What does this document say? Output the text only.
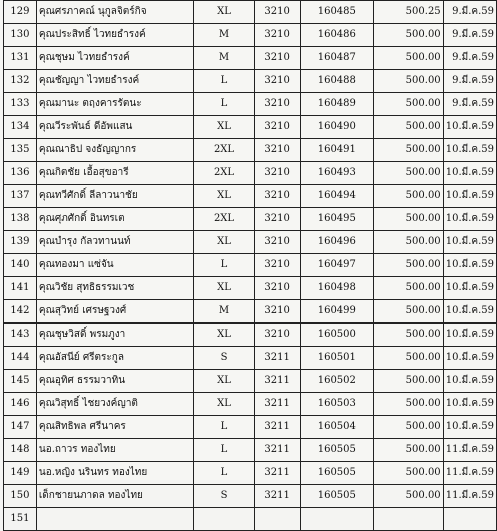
129	คุณศรภาคณ์ นุกูลจิตร์กิจ	XL	3210	160485	500.25	9.มี.ค.59
130	คุณประสิทธิ์ ไวทยธำรงค์	M	3210	160486	500.00	9.มี.ค.59
131	คุณชุษม ไวทยธำรงค์	M	3210	160487	500.00	9.มี.ค.59
132	คุณชัญญา ไวทยธำรงค์	L	3210	160488	500.00	9.มี.ค.59
133	คุณมานะ ตฤงคารรัตนะ	L	3210	160489	500.00	9.มี.ค.59
134	คุณวีระพันธ์ ดีอัพแสน	XL	3210	160490	500.00	10.มี.ค.59
135	คุณณาธิป จงธัญญากร	2XL	3210	160491	500.00	10.มี.ค.59
136	คุณกิตชัย เอื้อสุขอารี	2XL	3210	160493	500.00	10.มี.ค.59
137	คุณทวีศักดิ์ ลีลาวนาชัย	XL	3210	160494	500.00	10.มี.ค.59
138	คุณศุภศักดิ์ อินทรเต	2XL	3210	160495	500.00	10.มี.ค.59
139	คุณบำรุง กัลวทานนท์	XL	3210	160496	500.00	10.มี.ค.59
140	คุณทองมา แซ่จัน	L	3210	160497	500.00	10.มี.ค.59
141	คุณวิชัย สุทธิธรรมเวช	XL	3210	160498	500.00	10.มี.ค.59
142	คุณสุวิทย์ เศรษฐวงศ์	M	3210	160499	500.00	10.มี.ค.59
143	คุณชุษวิสดิ์ พรมภูงา	XL	3210	160500	500.00	10.มี.ค.59
144	คุณอัสนีย์ ศรีตระกูล	S	3211	160501	500.00	10.มี.ค.59
145	คุณอุทิศ ธรรมวาทิน	XL	3211	160502	500.00	10.มี.ค.59
146	คุณวิสุทธิ์ ไชยวงค์ญาติ	XL	3211	160503	500.00	10.มี.ค.59
147	คุณสิทธิพล ศรีนาคร	L	3211	160504	500.00	10.มี.ค.59
148	นอ.ถาวร ทองไทย	L	3211	160505	500.00	11.มี.ค.59
149	นอ.หญิง นรินทร ทองไทย	L	3211	160505	500.00	11.มี.ค.59
150	เด็กชายนภาดล ทองไทย	S	3211	160505	500.00	11.มี.ค.59
151						
